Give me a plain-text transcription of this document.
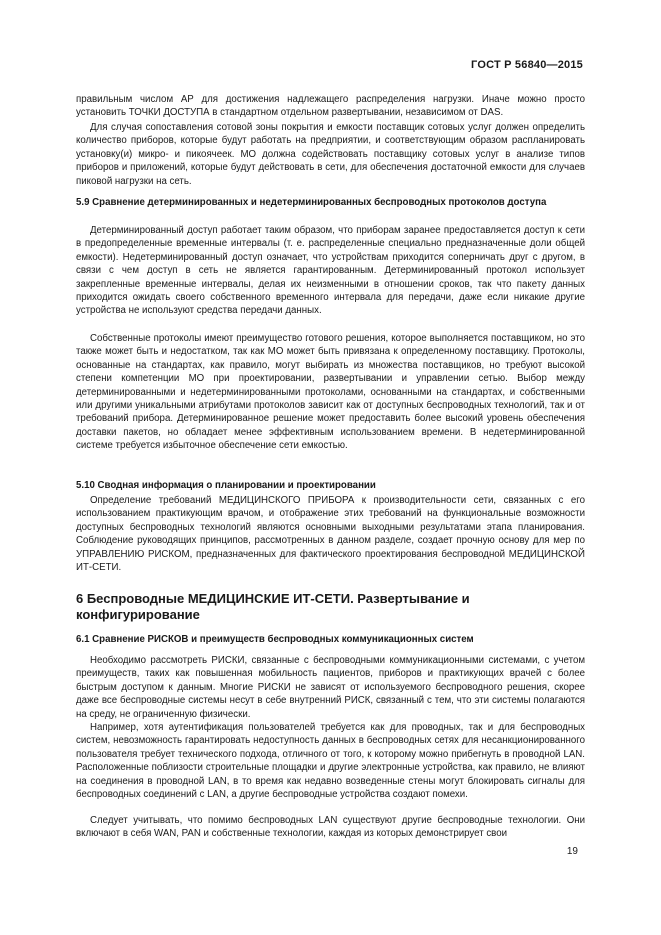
ГОСТ Р 56840—2015

правильным числом АР для достижения надлежащего распределения нагрузки. Иначе можно просто установить ТОЧКИ ДОСТУПА в стандартном отдельном развертывании, независимом от DAS.

Для случая сопоставления сотовой зоны покрытия и емкости поставщик сотовых услуг должен определить количество приборов, которые будут работать на предприятии, и соответствующим образом распланировать установку(и) микро- и пикоячеек. МО должна содействовать поставщику сотовых услуг в анализе типов приборов и приложений, которые будут действовать в сети, для обеспечения достаточной емкости для случаев пиковой нагрузки на сеть.

5.9 Сравнение детерминированных и недетерминированных беспроводных протоколов доступа

Детерминированный доступ работает таким образом, что приборам заранее предоставляется доступ к сети в предопределенные временные интервалы (т. е. распределенные специально предназначенные доли общей емкости). Недетерминированный доступ означает, что устройствам приходится соперничать друг с другом, в связи с чем доступ в сеть не является гарантированным. Детерминированный протокол использует закрепленные временные интервалы, делая их неизменными в отношении сроков, так что пакету данных приходится ожидать своего собственного временного интервала для передачи, даже если никакие другие устройства не используют средства передачи данных.

Собственные протоколы имеют преимущество готового решения, которое выполняется поставщиком, но это также может быть и недостатком, так как МО может быть привязана к определенному поставщику. Протоколы, основанные на стандартах, как правило, могут выбирать из множества поставщиков, но требуют высокой степени компетенции МО при проектировании, развертывании и управлении сетью. Выбор между детерминированными и недетерминированными протоколами, основанными на стандартах, и собственными или другими уникальными атрибутами протоколов зависит как от доступных беспроводных технологий, так и от требований прибора. Детерминированное решение может предоставить более высокий уровень обеспечения доставки пакетов, но обладает менее эффективным использованием времени. В недетерминированной системе требуется избыточное обеспечение сети емкостью.

5.10 Сводная информация о планировании и проектировании

Определение требований МЕДИЦИНСКОГО ПРИБОРА к производительности сети, связанных с его использованием практикующим врачом, и отображение этих требований на функциональные возможности доступных беспроводных технологий являются основными выходными результатами этапа планирования. Соблюдение руководящих принципов, рассмотренных в данном разделе, создает прочную основу для мер по УПРАВЛЕНИЮ РИСКОМ, предназначенных для фактического проектирования беспроводной МЕДИЦИНСКОЙ ИТ-СЕТИ.

6 Беспроводные МЕДИЦИНСКИЕ ИТ-СЕТИ. Развертывание и конфигурирование
6.1 Сравнение РИСКОВ и преимуществ беспроводных коммуникационных систем

Необходимо рассмотреть РИСКИ, связанные с беспроводными коммуникационными системами, с учетом преимуществ, таких как повышенная мобильность пациентов, приборов и практикующих врачей с более быстрым доступом к данным. Многие РИСКИ не зависят от используемого беспроводного решения, скорее даже все беспроводные системы несут в себе внутренний РИСК, связанный с тем, что эти системы полагаются на среду, не ограниченную физически.

Например, хотя аутентификация пользователей требуется как для проводных, так и для беспроводных систем, невозможность гарантировать недоступность данных в беспроводных сетях для несанкционированного пользователя требует технического подхода, отличного от того, к которому можно прибегнуть в проводной LAN. Расположенные поблизости строительные площадки и другие электронные устройства, как правило, не влияют на соединения в проводной LAN, в то время как недавно возведенные стены могут блокировать сигналы для беспроводных соединений с LAN, а другие беспроводные устройства создают помехи.

Следует учитывать, что помимо беспроводных LAN существуют другие беспроводные технологии. Они включают в себя WAN, PAN и собственные технологии, каждая из которых демонстрирует свои

19
